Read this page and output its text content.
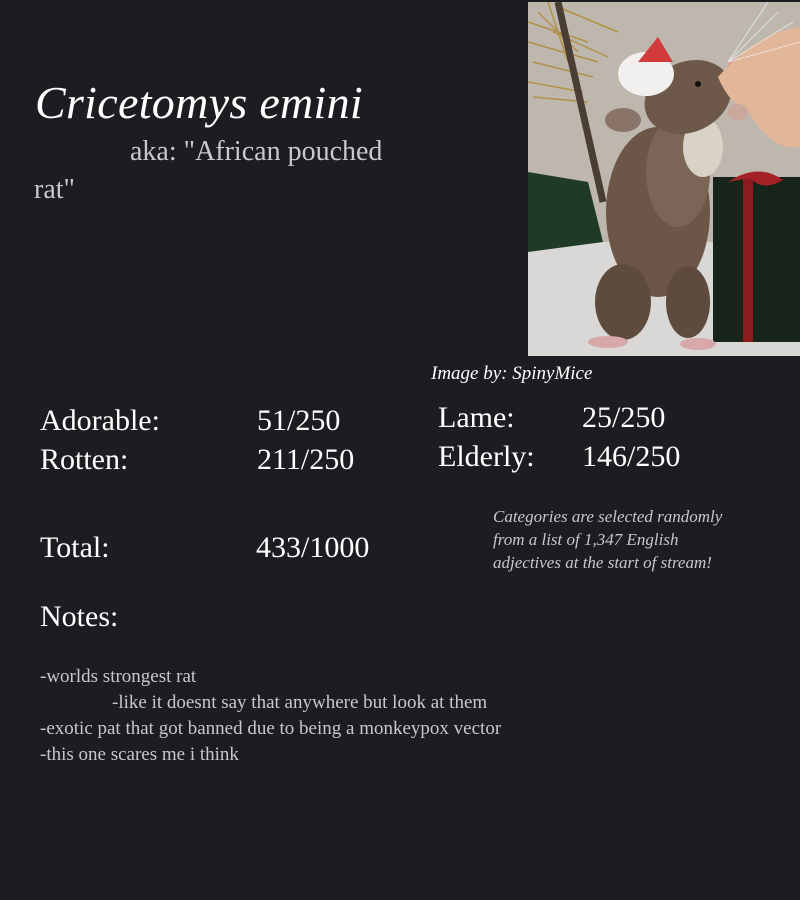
Cricetomys emini
aka: "African pouched rat"
Image by: SpinyMice
Adorable:	51/250
Rotten:	211/250
Lame: 25/250
Elderly: 146/250
Total:	433/1000
Categories are selected randomly from a list of 1,347 English adjectives at the start of stream!
Notes:
-worlds strongest rat
-like it doesnt say that anywhere but look at them
-exotic pat that got banned due to being a monkeypox vector
-this one scares me i think
